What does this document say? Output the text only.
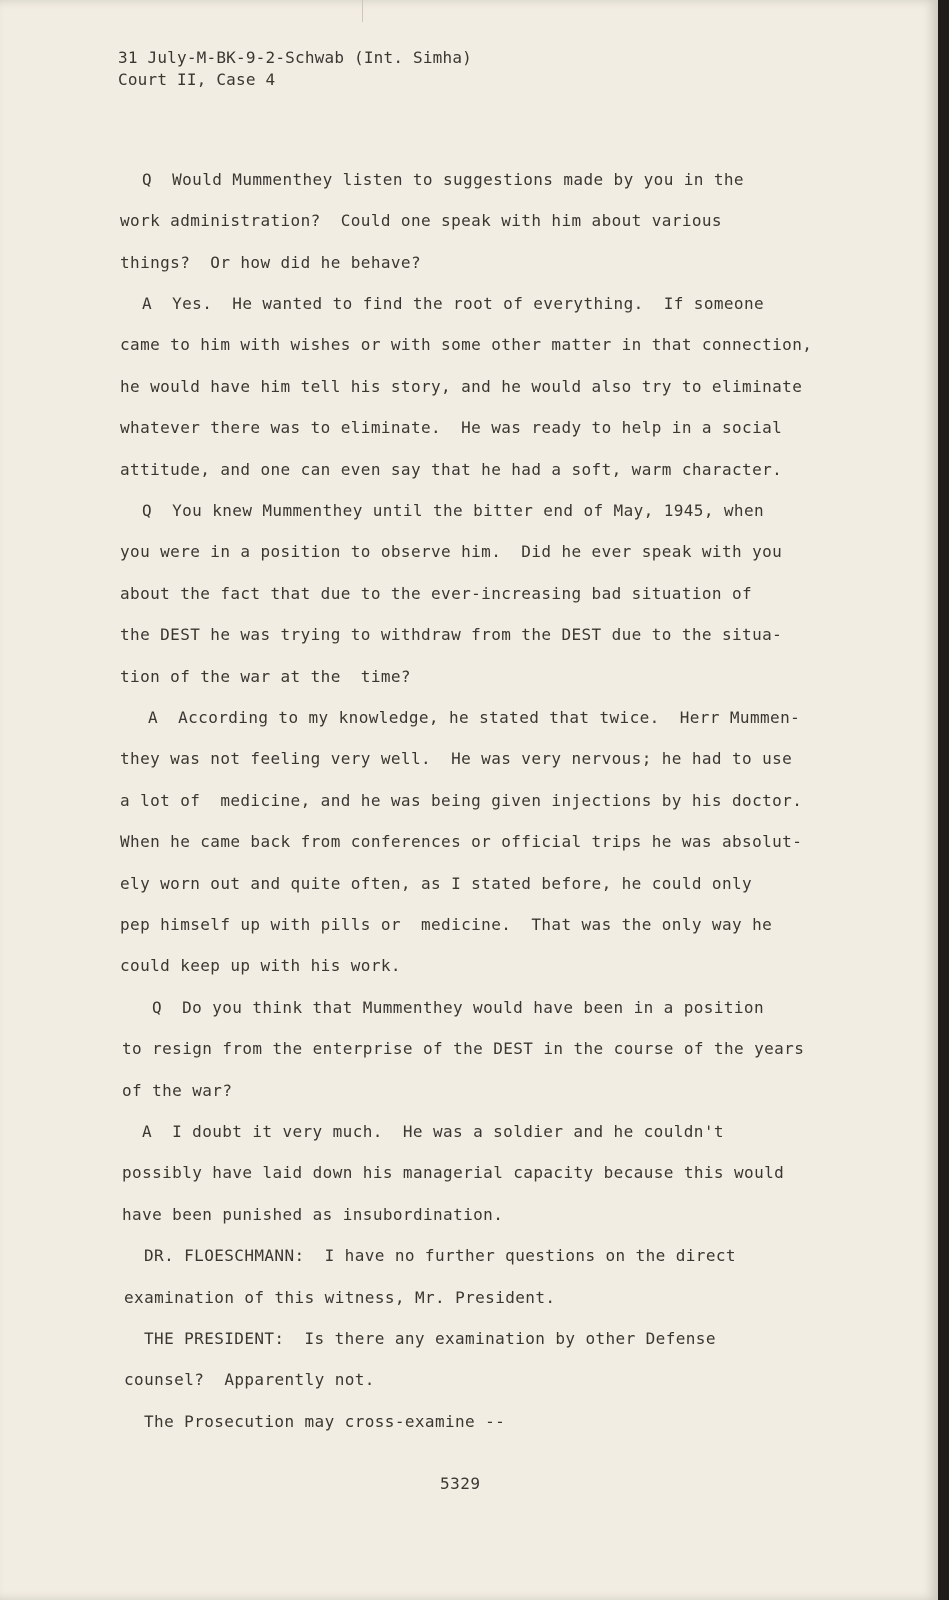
31 July-M-BK-9-2-Schwab (Int. Simha)
Court II, Case 4
Q  Would Mummenthey listen to suggestions made by you in the
work administration?  Could one speak with him about various
things?  Or how did he behave?
A  Yes.  He wanted to find the root of everything.  If someone
came to him with wishes or with some other matter in that connection,
he would have him tell his story, and he would also try to eliminate
whatever there was to eliminate.  He was ready to help in a social
attitude, and one can even say that he had a soft, warm character.
Q  You knew Mummenthey until the bitter end of May, 1945, when
you were in a position to observe him.  Did he ever speak with you
about the fact that due to the ever-increasing bad situation of
the DEST he was trying to withdraw from the DEST due to the situa-
tion of the war at the  time?
A  According to my knowledge, he stated that twice.  Herr Mummen-
they was not feeling very well.  He was very nervous; he had to use
a lot of  medicine, and he was being given injections by his doctor.
When he came back from conferences or official trips he was absolut-
ely worn out and quite often, as I stated before, he could only
pep himself up with pills or  medicine.  That was the only way he
could keep up with his work.
Q  Do you think that Mummenthey would have been in a position
to resign from the enterprise of the DEST in the course of the years
of the war?
A  I doubt it very much.  He was a soldier and he couldn't
possibly have laid down his managerial capacity because this would
have been punished as insubordination.
DR. FLOESCHMANN:  I have no further questions on the direct
examination of this witness, Mr. President.
THE PRESIDENT:  Is there any examination by other Defense
counsel?  Apparently not.
The Prosecution may cross-examine --
5329
